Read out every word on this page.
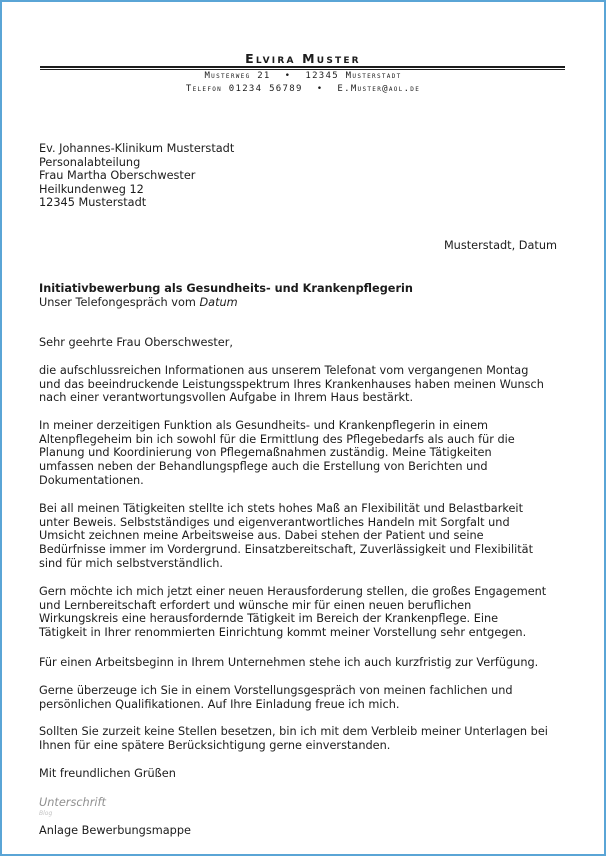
Elvira Muster
Musterweg 21 • 12345 Musterstadt
Telefon 01234 56789 • E.Muster@aol.de
Ev. Johannes-Klinikum Musterstadt
Personalabteilung
Frau Martha Oberschwester
Heilkundenweg 12
12345 Musterstadt
Musterstadt, Datum
Initiativbewerbung als Gesundheits- und Krankenpflegerin
Unser Telefongespräch vom Datum
Sehr geehrte Frau Oberschwester,
die aufschlussreichen Informationen aus unserem Telefonat vom vergangenen Montag
und das beeindruckende Leistungsspektrum Ihres Krankenhauses haben meinen Wunsch
nach einer verantwortungsvollen Aufgabe in Ihrem Haus bestärkt.
In meiner derzeitigen Funktion als Gesundheits- und Krankenpflegerin in einem
Altenpflegeheim bin ich sowohl für die Ermittlung des Pflegebedarfs als auch für die
Planung und Koordinierung von Pflegemaßnahmen zuständig. Meine Tätigkeiten
umfassen neben der Behandlungspflege auch die Erstellung von Berichten und
Dokumentationen.
Bei all meinen Tätigkeiten stellte ich stets hohes Maß an Flexibilität und Belastbarkeit
unter Beweis. Selbstständiges und eigenverantwortliches Handeln mit Sorgfalt und
Umsicht zeichnen meine Arbeitsweise aus. Dabei stehen der Patient und seine
Bedürfnisse immer im Vordergrund. Einsatzbereitschaft, Zuverlässigkeit und Flexibilität
sind für mich selbstverständlich.
Gern möchte ich mich jetzt einer neuen Herausforderung stellen, die großes Engagement
und Lernbereitschaft erfordert und wünsche mir für einen neuen beruflichen
Wirkungskreis eine herausfordernde Tätigkeit im Bereich der Krankenpflege. Eine
Tätigkeit in Ihrer renommierten Einrichtung kommt meiner Vorstellung sehr entgegen.
Für einen Arbeitsbeginn in Ihrem Unternehmen stehe ich auch kurzfristig zur Verfügung.
Gerne überzeuge ich Sie in einem Vorstellungsgespräch von meinen fachlichen und
persönlichen Qualifikationen. Auf Ihre Einladung freue ich mich.
Sollten Sie zurzeit keine Stellen besetzen, bin ich mit dem Verbleib meiner Unterlagen bei
Ihnen für eine spätere Berücksichtigung gerne einverstanden.
Mit freundlichen Grüßen
Unterschrift
Blog
Anlage Bewerbungsmappe
